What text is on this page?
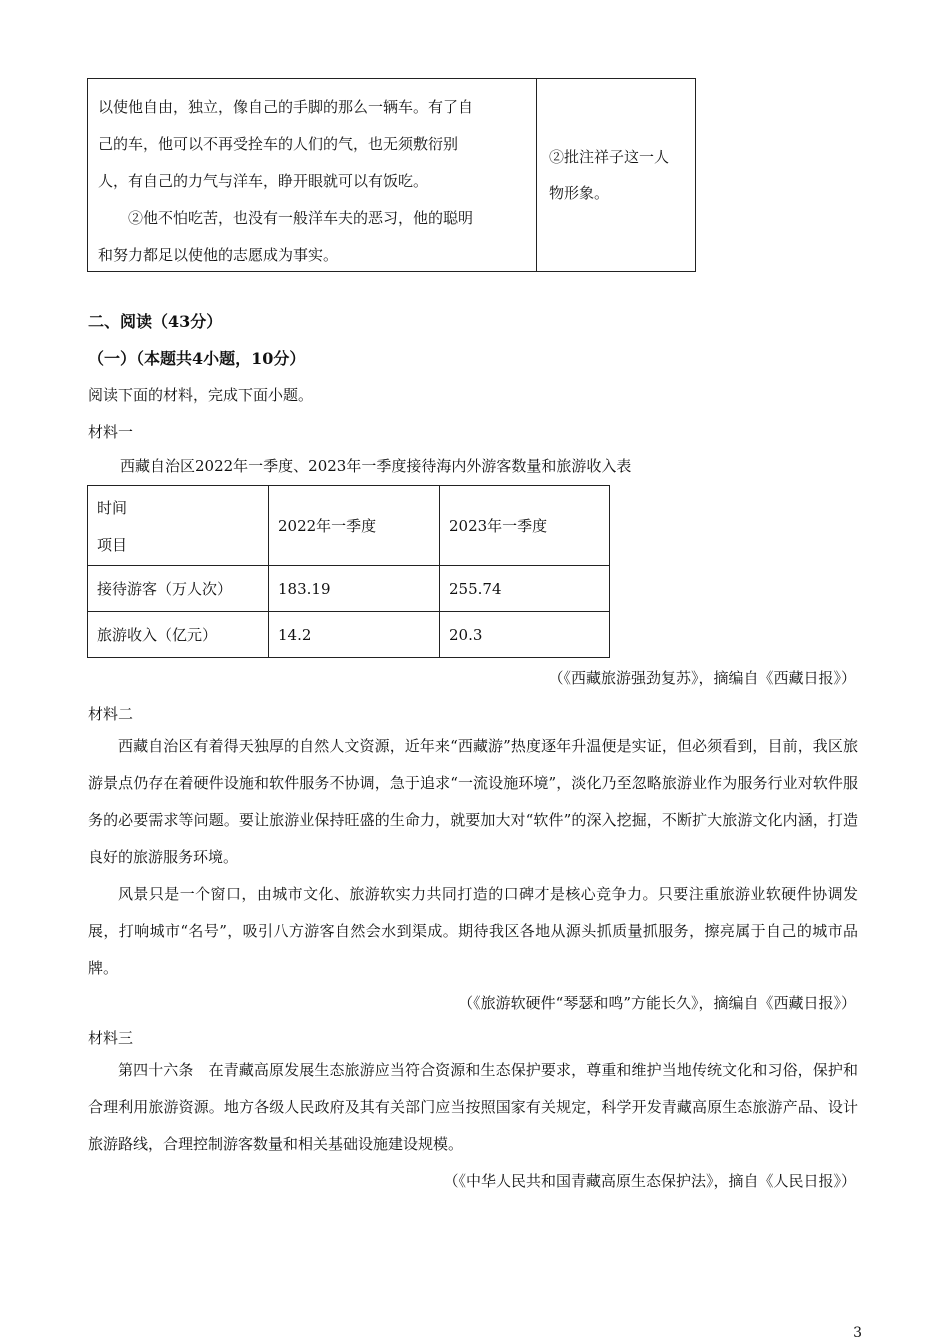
以使他自由，独立，像自己的手脚的那么一辆车。有了自

己的车，他可以不再受拴车的人们的气，也无须敷衍别

人，有自己的力气与洋车，睁开眼就可以有饭吃。

②他不怕吃苦，也没有一般洋车夫的恶习，他的聪明

和努力都足以使他的志愿成为事实。

②批注祥子这一人
物形象。
二、阅读（43分）
（一）（本题共4小题，10分）
阅读下面的材料，完成下面小题。
材料一
西藏自治区2022年一季度、2023年一季度接待海内外游客数量和旅游收入表
时间
项目	2022年一季度	2023年一季度
接待游客（万人次）	183.19	255.74
旅游收入（亿元）	14.2	20.3
（《西藏旅游强劲复苏》，摘编自《西藏日报》）
材料二

西藏自治区有着得天独厚的自然人文资源，近年来“西藏游”热度逐年升温便是实证，但必须看到，目前，我区旅游景点仍存在着硬件设施和软件服务不协调，急于追求“一流设施环境”，淡化乃至忽略旅游业作为服务行业对软件服务的必要需求等问题。要让旅游业保持旺盛的生命力，就要加大对“软件”的深入挖掘，不断扩大旅游文化内涵，打造良好的旅游服务环境。

风景只是一个窗口，由城市文化、旅游软实力共同打造的口碑才是核心竞争力。只要注重旅游业软硬件协调发展，打响城市“名号”，吸引八方游客自然会水到渠成。期待我区各地从源头抓质量抓服务，擦亮属于自己的城市品牌。

（《旅游软硬件“琴瑟和鸣”方能长久》，摘编自《西藏日报》）
材料三

第四十六条　在青藏高原发展生态旅游应当符合资源和生态保护要求，尊重和维护当地传统文化和习俗，保护和合理利用旅游资源。地方各级人民政府及其有关部门应当按照国家有关规定，科学开发青藏高原生态旅游产品、设计旅游路线，合理控制游客数量和相关基础设施建设规模。

（《中华人民共和国青藏高原生态保护法》，摘自《人民日报》）
3
